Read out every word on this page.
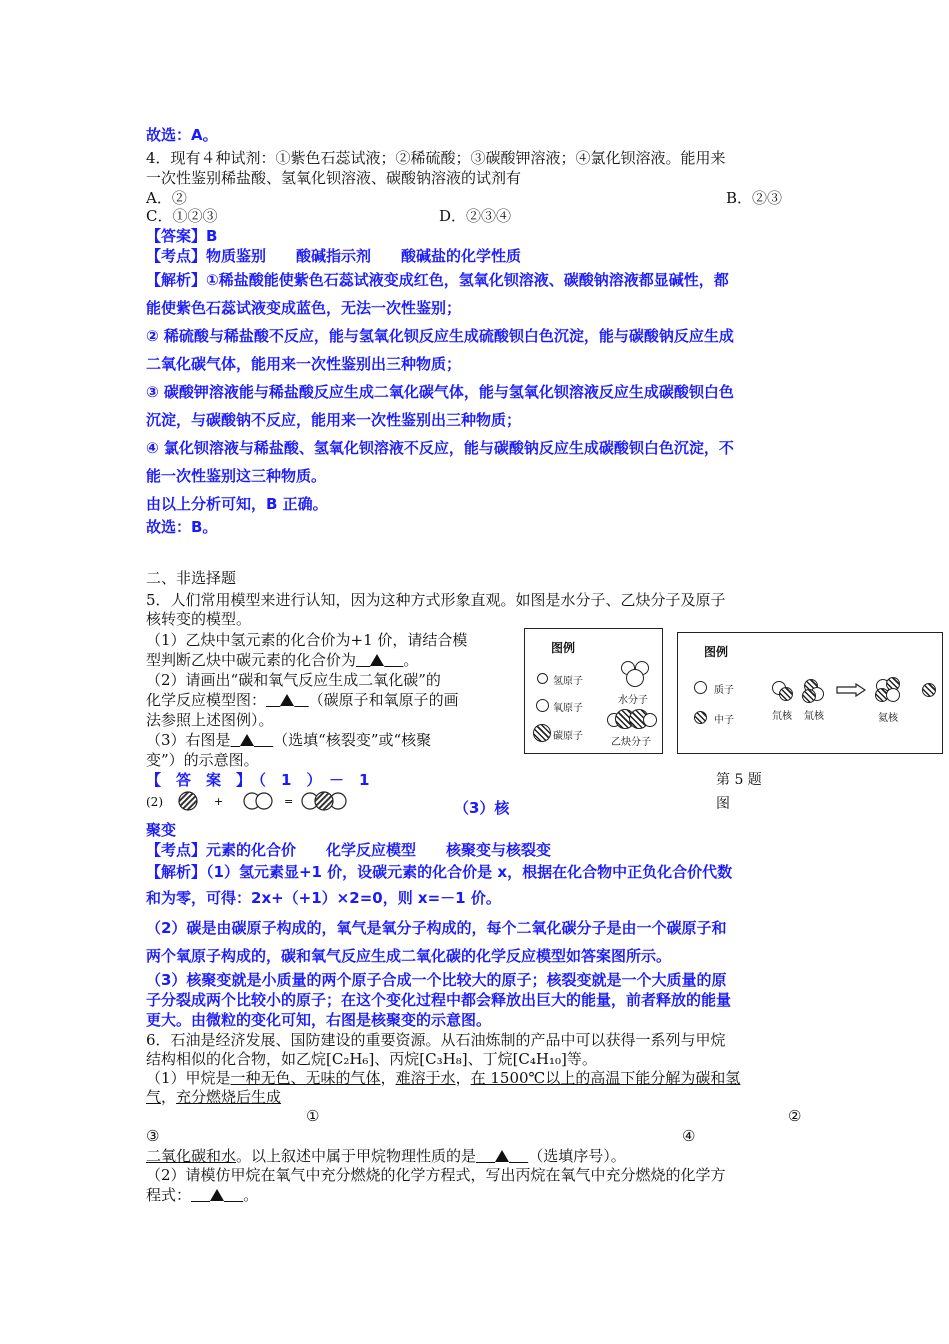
故选：A。
4．现有４种试剂：①紫色石蕊试液；②稀硫酸；③碳酸钾溶液；④氯化钡溶液。能用来
一次性鉴别稀盐酸、氢氧化钡溶液、碳酸钠溶液的试剂有
A．②	B．②③
C．①②③	D．②③④
【答案】B
【考点】物质鉴别　　酸碱指示剂　　酸碱盐的化学性质
【解析】①稀盐酸能使紫色石蕊试液变成红色，氢氧化钡溶液、碳酸钠溶液都显碱性，都
能使紫色石蕊试液变成蓝色，无法一次性鉴别；
② 稀硫酸与稀盐酸不反应，能与氢氧化钡反应生成硫酸钡白色沉淀，能与碳酸钠反应生成
二氧化碳气体，能用来一次性鉴别出三种物质；
③ 碳酸钾溶液能与稀盐酸反应生成二氧化碳气体，能与氢氧化钡溶液反应生成碳酸钡白色
沉淀，与碳酸钠不反应，能用来一次性鉴别出三种物质；
④ 氯化钡溶液与稀盐酸、氢氧化钡溶液不反应，能与碳酸钠反应生成碳酸钡白色沉淀，不
能一次性鉴别这三种物质。
由以上分析可知，B 正确。
故选：B。
二、非选择题
5．人们常用模型来进行认知，因为这种方式形象直观。如图是水分子、乙炔分子及原子
核转变的模型。
（1）乙炔中氢元素的化合价为+1 价，请结合模
型判断乙炔中碳元素的化合价为	。
（2）请画出“碳和氧气反应生成二氧化碳”的
化学反应模型图：	（碳原子和氧原子的画
法参照上述图例）。
（3）右图是	（选填“核裂变”或“核聚
变”）的示意图。
【　答　案　】　（　1　）　－　1
(2)	+	=	（3）核
聚变
图例
氢原子
氧原子
碳原子
水分子
乙炔分子
图例
质子
中子	氘核 氚核	氦核
第 5 题
图
【考点】元素的化合价　　化学反应模型　　核聚变与核裂变
【解析】（1）氢元素显+1 价，设碳元素的化合价是 x，根据在化合物中正负化合价代数
和为零，可得：2x+（+1）×2=0，则 x=－1 价。
（2）碳是由碳原子构成的，氧气是氧分子构成的，每个二氧化碳分子是由一个碳原子和
两个氧原子构成的，碳和氧气反应生成二氧化碳的化学反应模型如答案图所示。
（3）核聚变就是小质量的两个原子合成一个比较大的原子；核裂变就是一个大质量的原
子分裂成两个比较小的原子；在这个变化过程中都会释放出巨大的能量，前者释放的能量
更大。由微粒的变化可知，右图是核聚变的示意图。
6．石油是经济发展、国防建设的重要资源。从石油炼制的产品中可以获得一系列与甲烷
结构相似的化合物，如乙烷[C₂H₆]、丙烷[C₃H₈]、丁烷[C₄H₁₀]等。
（1）甲烷是一种无色、无味的气体，难溶于水，在 1500℃以上的高温下能分解为碳和氢
气，充分燃烧后生成
①	②
③	④
二氧化碳和水。以上叙述中属于甲烷物理性质的是	（选填序号）。
（2）请模仿甲烷在氧气中充分燃烧的化学方程式，写出丙烷在氧气中充分燃烧的化学方
程式：	。
